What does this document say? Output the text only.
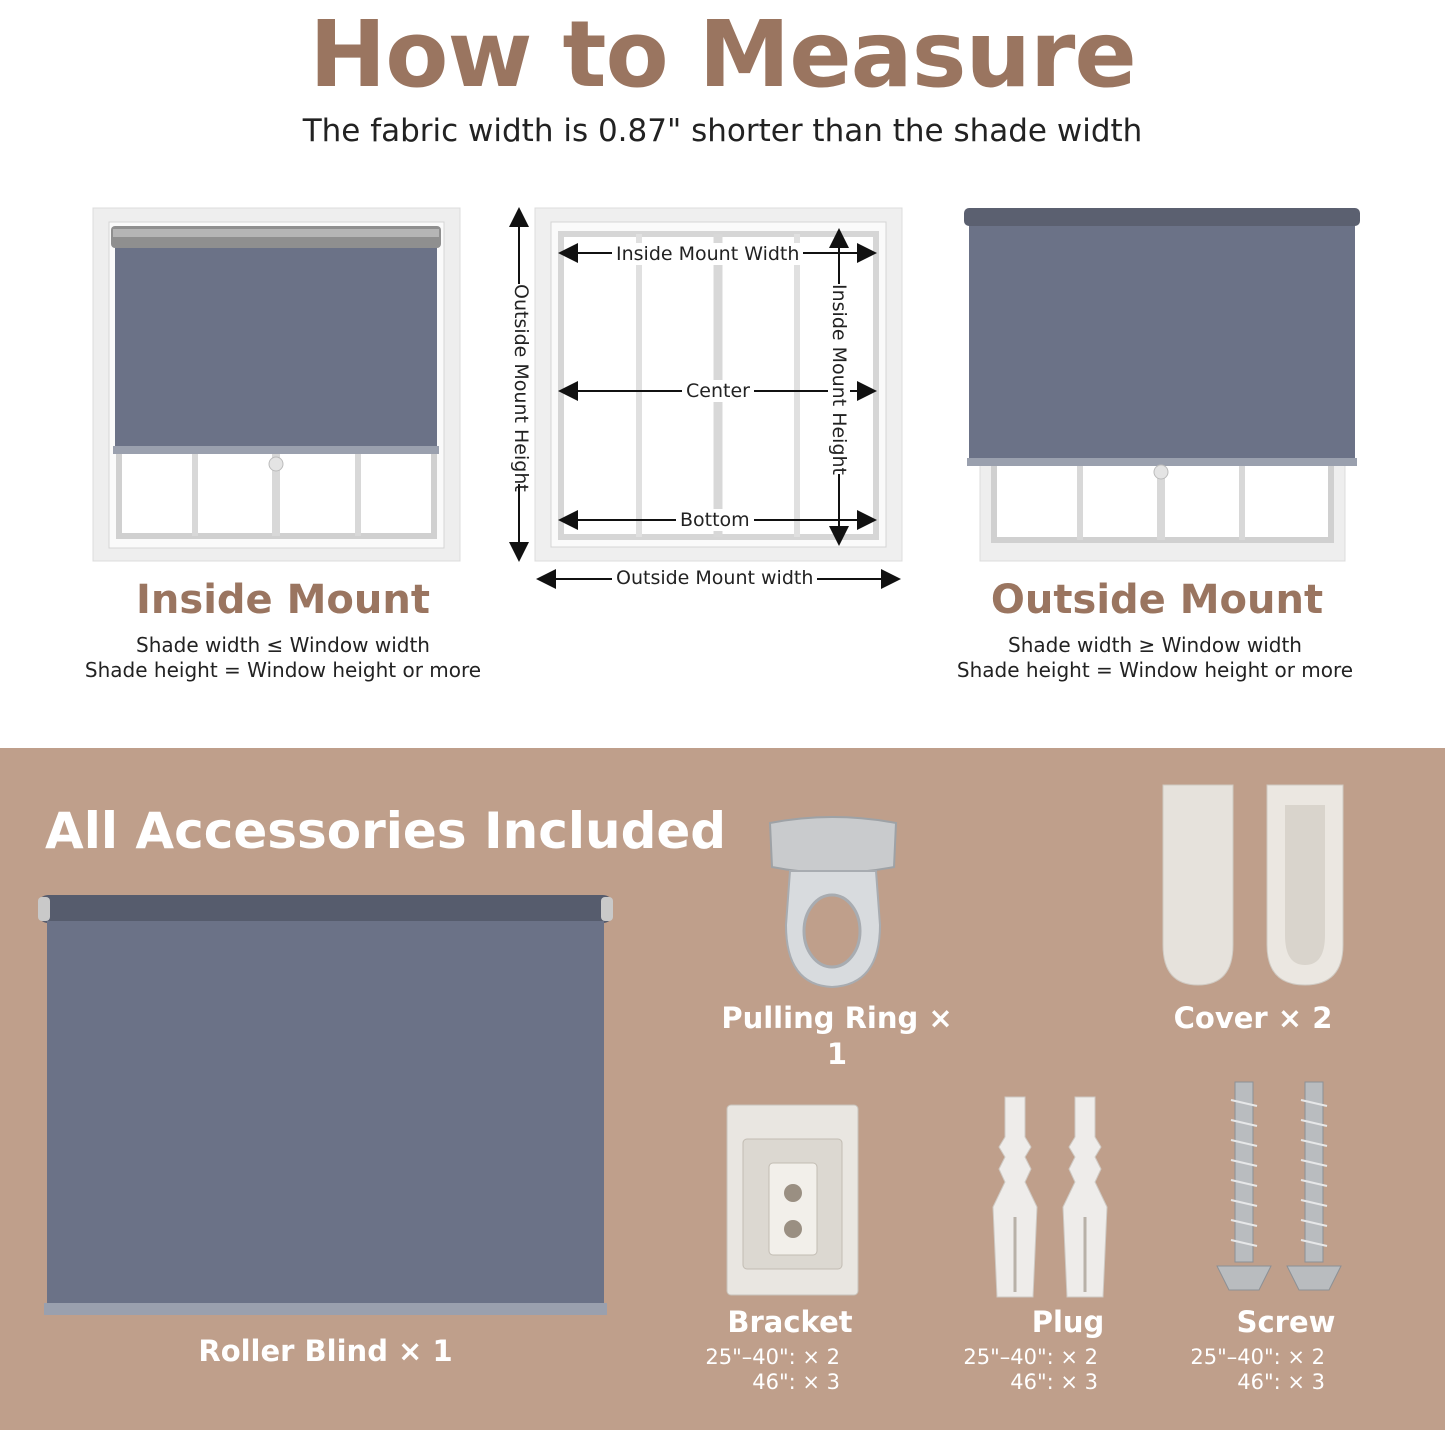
How to Measure
The fabric width is 0.87" shorter than the shade width
Inside Mount Width
Center
Bottom
Outside Mount width
Outside Mount Height	Inside Mount Height
Inside Mount
Shade width ≤ Window width
Shade height = Window height or more
Outside Mount
Shade width ≥ Window width
Shade height = Window height or more
All Accessories Included
Roller Blind × 1
Pulling Ring × 1
Cover × 2
Bracket
25"–40": × 2
46": × 3
Plug
25"–40": × 2
46": × 3
Screw
25"–40": × 2
46": × 3
